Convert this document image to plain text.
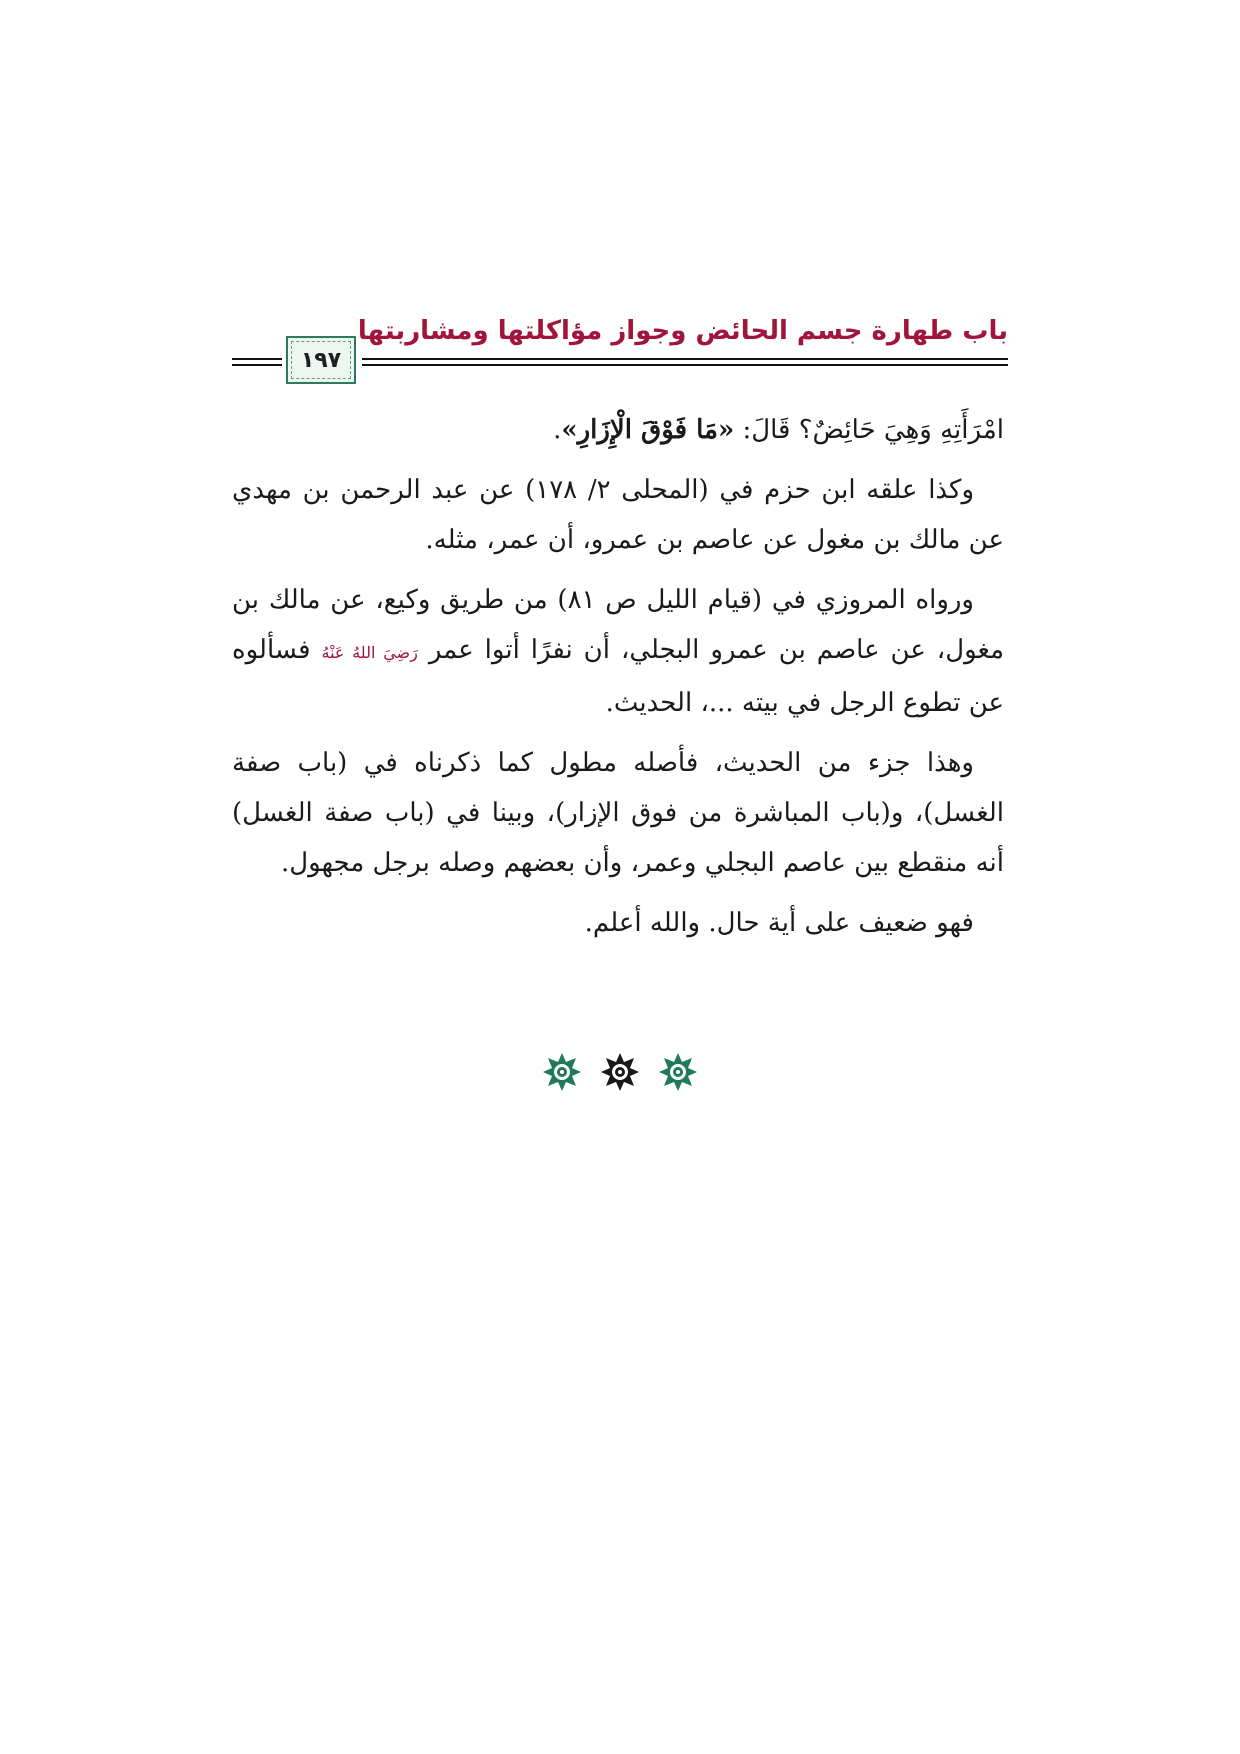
باب طهارة جسم الحائض وجواز مؤاكلتها ومشاربتها
١٩٧

امْرَأَتِهِ وَهِيَ حَائِضٌ؟ قَالَ: «مَا فَوْقَ الْإِزَارِ».

وكذا علقه ابن حزم في (المحلى ٢/ ١٧٨) عن عبد الرحمن بن مهدي عن مالك بن مغول عن عاصم بن عمرو، أن عمر، مثله.

ورواه المروزي في (قيام الليل ص ٨١) من طريق وكيع، عن مالك بن مغول، عن عاصم بن عمرو البجلي، أن نفرًا أتوا عمر رَضِيَ اللهُ عَنْهُ فسألوه عن تطوع الرجل في بيته ...، الحديث.

وهذا جزء من الحديث، فأصله مطول كما ذكرناه في (باب صفة الغسل)، و(باب المباشرة من فوق الإزار)، وبينا في (باب صفة الغسل) أنه منقطع بين عاصم البجلي وعمر، وأن بعضهم وصله برجل مجهول.

فهو ضعيف على أية حال. والله أعلم.
